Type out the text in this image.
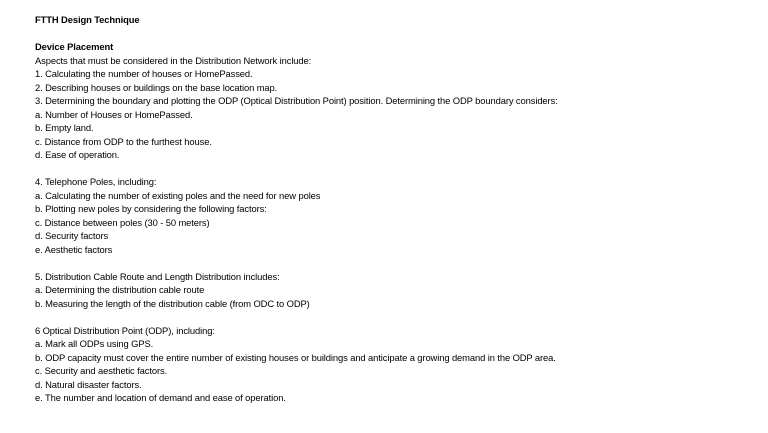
FTTH Design Technique
Device Placement
Aspects that must be considered in the Distribution Network include:
1. Calculating the number of houses or HomePassed.
2. Describing houses or buildings on the base location map.
3. Determining the boundary and plotting the ODP (Optical Distribution Point) position. Determining the ODP boundary considers:
a. Number of Houses or HomePassed.
b. Empty land.
c. Distance from ODP to the furthest house.
d. Ease of operation.
4. Telephone Poles, including:
a. Calculating the number of existing poles and the need for new poles
b. Plotting new poles by considering the following factors:
c. Distance between poles (30 - 50 meters)
d. Security factors
e. Aesthetic factors
5. Distribution Cable Route and Length Distribution includes:
a. Determining the distribution cable route
b. Measuring the length of the distribution cable (from ODC to ODP)
6 Optical Distribution Point (ODP), including:
a. Mark all ODPs using GPS.
b. ODP capacity must cover the entire number of existing houses or buildings and anticipate a growing demand in the ODP area.
c. Security and aesthetic factors.
d. Natural disaster factors.
e. The number and location of demand and ease of operation.
